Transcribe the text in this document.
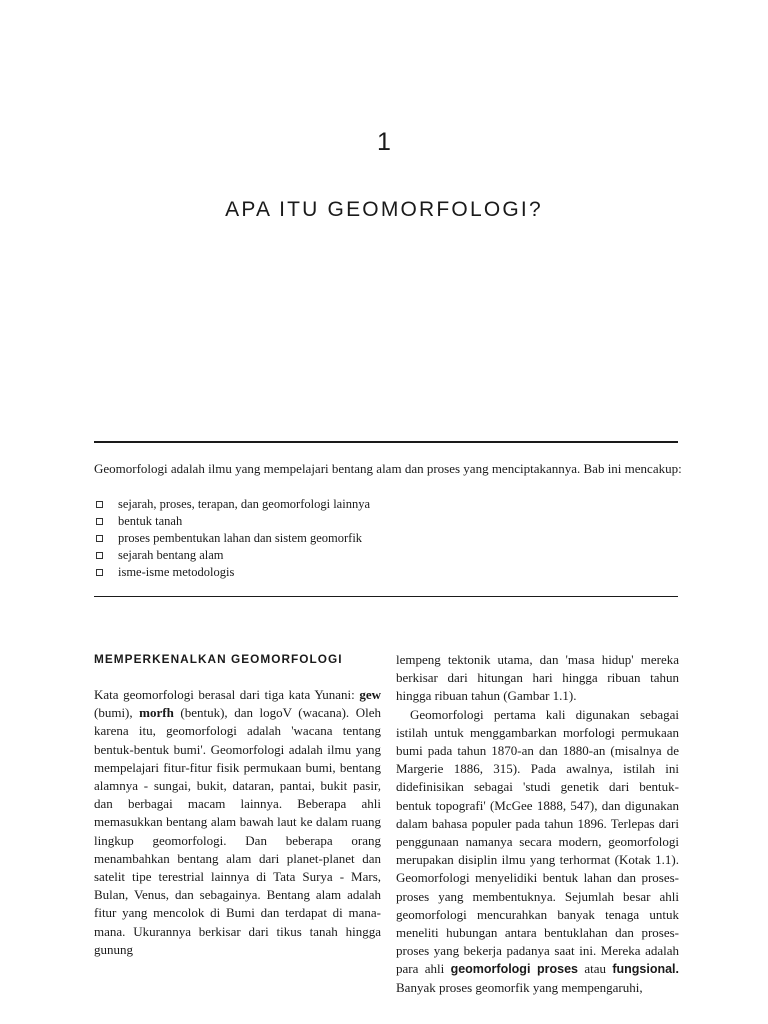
1
APA ITU GEOMORFOLOGI?
Geomorfologi adalah ilmu yang mempelajari bentang alam dan proses yang menciptakannya. Bab ini mencakup:
sejarah, proses, terapan, dan geomorfologi lainnya
bentuk tanah
proses pembentukan lahan dan sistem geomorfik
sejarah bentang alam
isme-isme metodologis
MEMPERKENALKAN GEOMORFOLOGI

Kata geomorfologi berasal dari tiga kata Yunani: gew (bumi), morfh (bentuk), dan logoV (wacana). Oleh karena itu, geomorfologi adalah 'wacana tentang bentuk-bentuk bumi'. Geomorfologi adalah ilmu yang mempelajari fitur-fitur fisik permukaan bumi, bentang alamnya - sungai, bukit, dataran, pantai, bukit pasir, dan berbagai macam lainnya. Beberapa ahli memasukkan bentang alam bawah laut ke dalam ruang lingkup geomorfologi. Dan beberapa orang menambahkan bentang alam dari planet-planet dan satelit tipe terestrial lainnya di Tata Surya - Mars, Bulan, Venus, dan sebagainya. Bentang alam adalah fitur yang mencolok di Bumi dan terdapat di mana-mana. Ukurannya berkisar dari tikus tanah hingga gunung

lempeng tektonik utama, dan 'masa hidup' mereka berkisar dari hitungan hari hingga ribuan tahun hingga ribuan tahun (Gambar 1.1).

Geomorfologi pertama kali digunakan sebagai istilah untuk menggambarkan morfologi permukaan bumi pada tahun 1870-an dan 1880-an (misalnya de Margerie 1886, 315). Pada awalnya, istilah ini didefinisikan sebagai 'studi genetik dari bentuk-bentuk topografi' (McGee 1888, 547), dan digunakan dalam bahasa populer pada tahun 1896. Terlepas dari penggunaan namanya secara modern, geomorfologi merupakan disiplin ilmu yang terhormat (Kotak 1.1). Geomorfologi menyelidiki bentuk lahan dan proses-proses yang membentuknya. Sejumlah besar ahli geomorfologi mencurahkan banyak tenaga untuk meneliti hubungan antara bentuklahan dan proses-proses yang bekerja padanya saat ini. Mereka adalah para ahli geomorfologi proses atau fungsional. Banyak proses geomorfik yang mempengaruhi,
